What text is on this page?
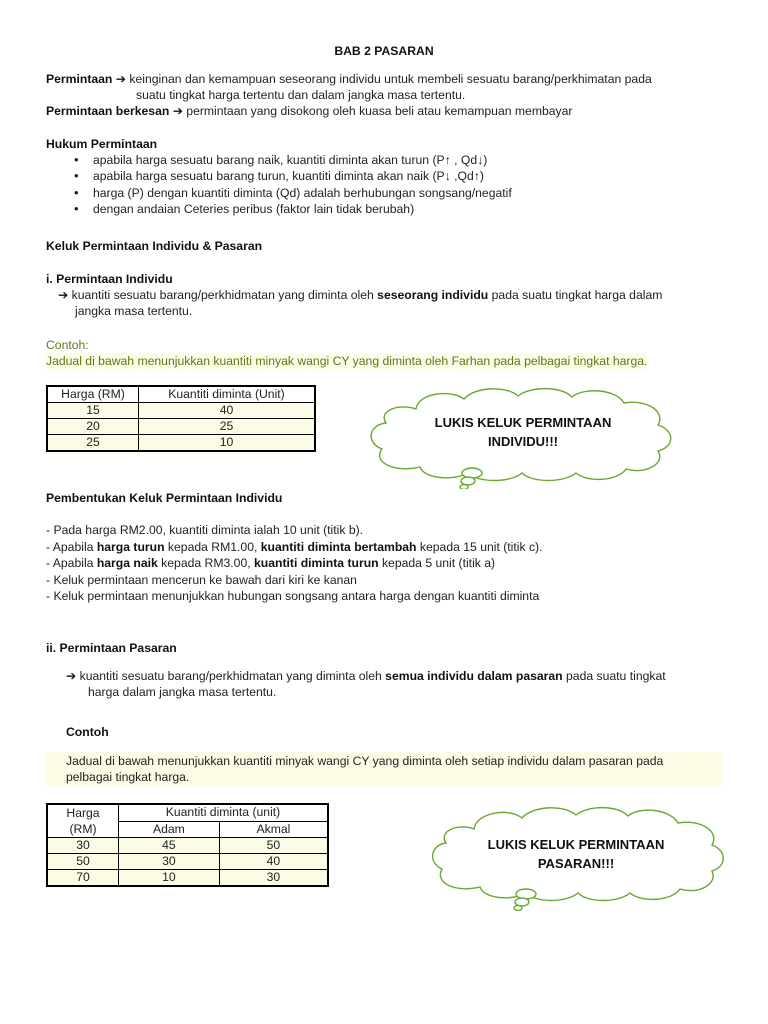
BAB 2 PASARAN
Permintaan ➔ keinginan dan kemampuan seseorang individu untuk membeli sesuatu barang/perkhimatan pada
suatu tingkat harga tertentu dan dalam jangka masa tertentu.
Permintaan berkesan ➔ permintaan yang disokong oleh kuasa beli atau kemampuan membayar
Hukum Permintaan
• apabila harga sesuatu barang naik, kuantiti diminta akan turun (P↑ , Qd↓)
• apabila harga sesuatu barang turun, kuantiti diminta akan naik (P↓ ,Qd↑)
• harga (P) dengan kuantiti diminta (Qd) adalah berhubungan songsang/negatif
• dengan andaian Ceteries peribus (faktor lain tidak berubah)
Keluk Permintaan Individu & Pasaran
i. Permintaan Individu
➔ kuantiti sesuatu barang/perkhidmatan yang diminta oleh seseorang individu pada suatu tingkat harga dalam
jangka masa tertentu.
Contoh:
Jadual di bawah menunjukkan kuantiti minyak wangi CY yang diminta oleh Farhan pada pelbagai tingkat harga.
Harga (RM)	Kuantiti diminta (Unit)
15	40
20	25
25	10
LUKIS KELUK PERMINTAAN
INDIVIDU!!!
Pembentukan Keluk Permintaan Individu
- Pada harga RM2.00, kuantiti diminta ialah 10 unit (titik b).
- Apabila harga turun kepada RM1.00, kuantiti diminta bertambah kepada 15 unit (titik c).
- Apabila harga naik kepada RM3.00, kuantiti diminta turun kepada 5 unit (titik a)
- Keluk permintaan mencerun ke bawah dari kiri ke kanan
- Keluk permintaan menunjukkan hubungan songsang antara harga dengan kuantiti diminta
ii. Permintaan Pasaran
➔ kuantiti sesuatu barang/perkhidmatan yang diminta oleh semua individu dalam pasaran pada suatu tingkat
harga dalam jangka masa tertentu.
Contoh
Jadual di bawah menunjukkan kuantiti minyak wangi CY yang diminta oleh setiap individu dalam pasaran pada
pelbagai tingkat harga.
Harga
(RM)	Kuantiti diminta (unit)	
	Adam	Akmal
30	45	50
50	30	40
70	10	30
LUKIS KELUK PERMINTAAN
PASARAN!!!
